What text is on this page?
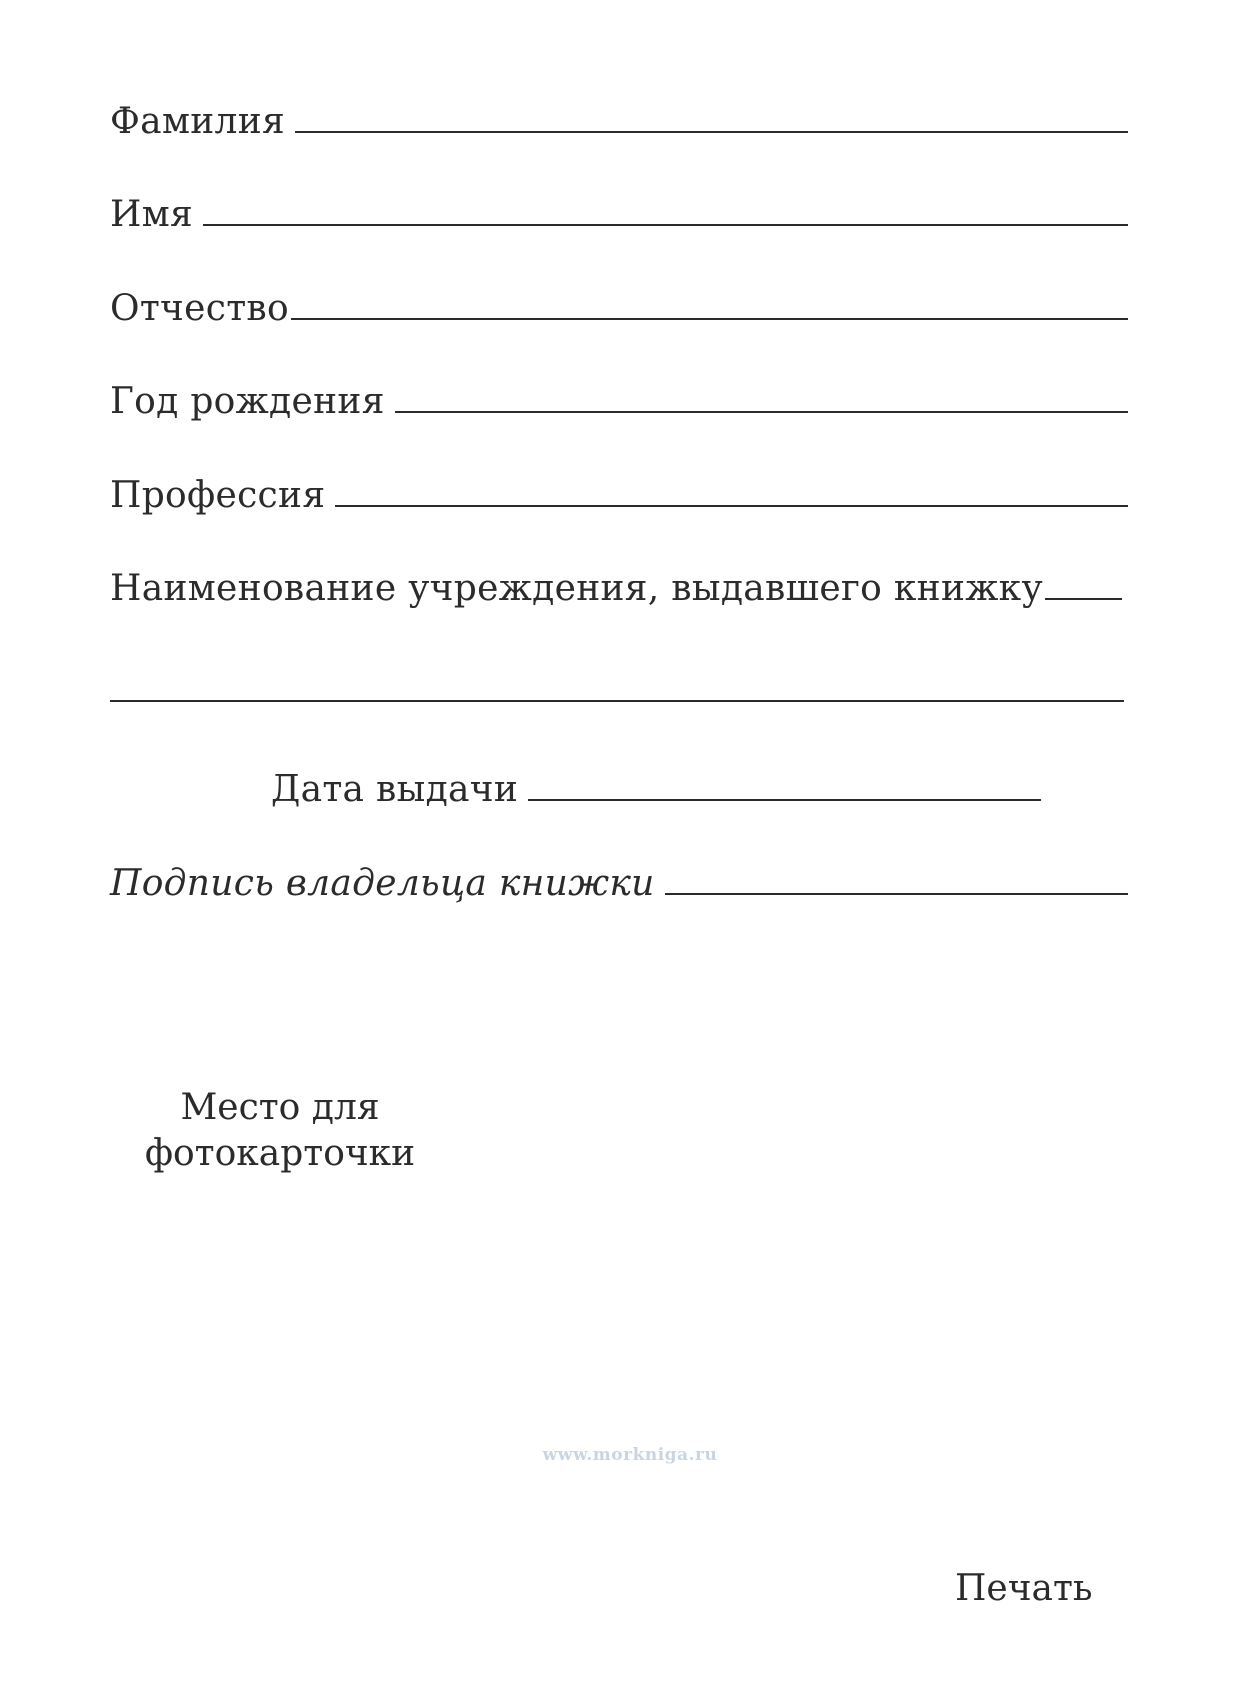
Фамилия
Имя
Отчество
Год рождения
Профессия
Наименование учреждения, выдавшего книжку
Дата выдачи
Подпись владельца книжки
Место для
фотокарточки
www.morkniga.ru
Печать
